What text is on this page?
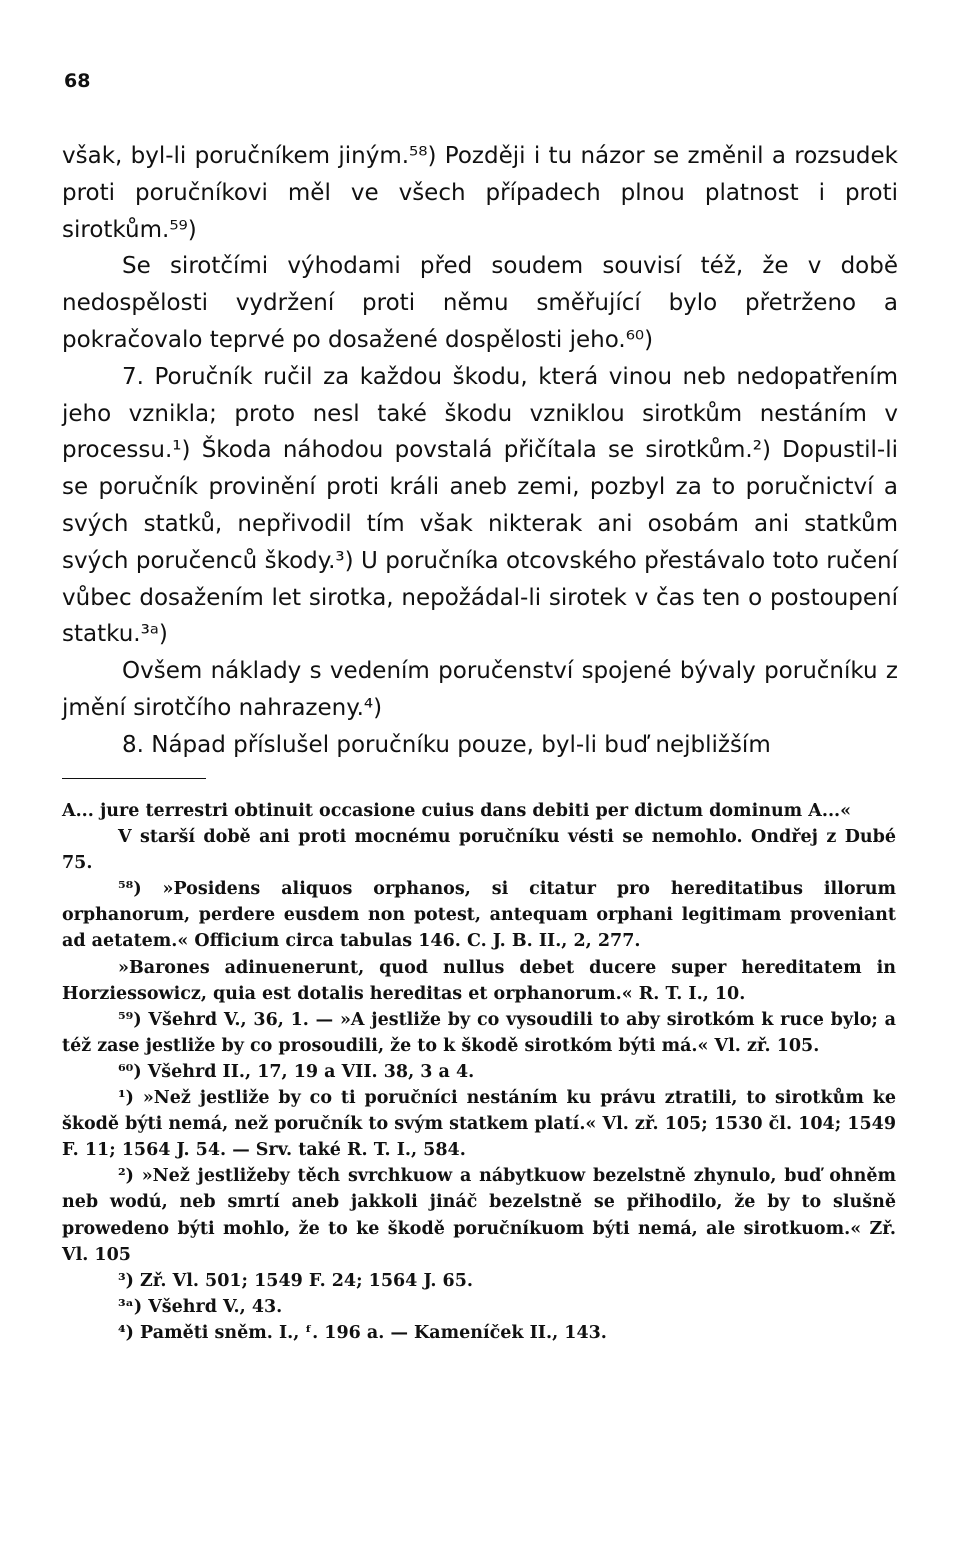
68

však, byl-li poručníkem jiným.⁵⁸) Později i tu názor se změnil a rozsudek proti poručníkovi měl ve všech případech plnou platnost i proti sirotkům.⁵⁹)

Se sirotčími výhodami před soudem souvisí též, že v době nedospělosti vydržení proti němu směřující bylo přetrženo a pokračovalo teprvé po dosažené dospělosti jeho.⁶⁰)

7. Poručník ručil za každou škodu, která vinou neb nedopatřením jeho vznikla; proto nesl také škodu vzniklou sirotkům nestáním v processu.¹) Škoda náhodou povstalá přičítala se sirotkům.²) Dopustil-li se poručník provinění proti králi aneb zemi, pozbyl za to poručnictví a svých statků, nepřivodil tím však nikterak ani osobám ani statkům svých poručenců škody.³) U poručníka otcovského přestávalo toto ručení vůbec dosažením let sirotka, nepožádal-li sirotek v čas ten o postoupení statku.³ᵃ)

Ovšem náklady s vedením poručenství spojené bývaly poručníku z jmění sirotčího nahrazeny.⁴)

8. Nápad příslušel poručníku pouze, byl-li buď nejbližším

A... jure terrestri obtinuit occasione cuius dans debiti per dictum dominum A...«

V starší době ani proti mocnému poručníku vésti se nemohlo. Ondřej z Dubé 75.

⁵⁸) »Posidens aliquos orphanos, si citatur pro hereditatibus illorum orphanorum, perdere eusdem non potest, antequam orphani legitimam proveniant ad aetatem.« Officium circa tabulas 146. C. J. B. II., 2, 277.

»Barones adinuenerunt, quod nullus debet ducere super hereditatem in Horziessowicz, quia est dotalis hereditas et orphanorum.« R. T. I., 10.

⁵⁹) Všehrd V., 36, 1. — »A jestliže by co vysoudili to aby sirotkóm k ruce bylo; a též zase jestliže by co prosoudili, že to k škodě sirotkóm býti má.« Vl. zř. 105.

⁶⁰) Všehrd II., 17, 19 a VII. 38, 3 a 4.

¹) »Než jestliže by co ti poručníci nestáním ku právu ztratili, to sirotkům ke škodě býti nemá, než poručník to svým statkem platí.« Vl. zř. 105; 1530 čl. 104; 1549 F. 11; 1564 J. 54. — Srv. také R. T. I., 584.

²) »Než jestližeby těch svrchkuow a nábytkuow bezelstně zhynulo, buď ohněm neb wodú, neb smrtí aneb jakkoli jináč bezelstně se přihodilo, že by to slušně prowedeno býti mohlo, že to ke škodě poručníkuom býti nemá, ale sirotkuom.« Zř. Vl. 105

³) Zř. Vl. 501; 1549 F. 24; 1564 J. 65.

³ᵃ) Všehrd V., 43.

⁴) Paměti sněm. I., ᶠ. 196 a. — Kameníček II., 143.
